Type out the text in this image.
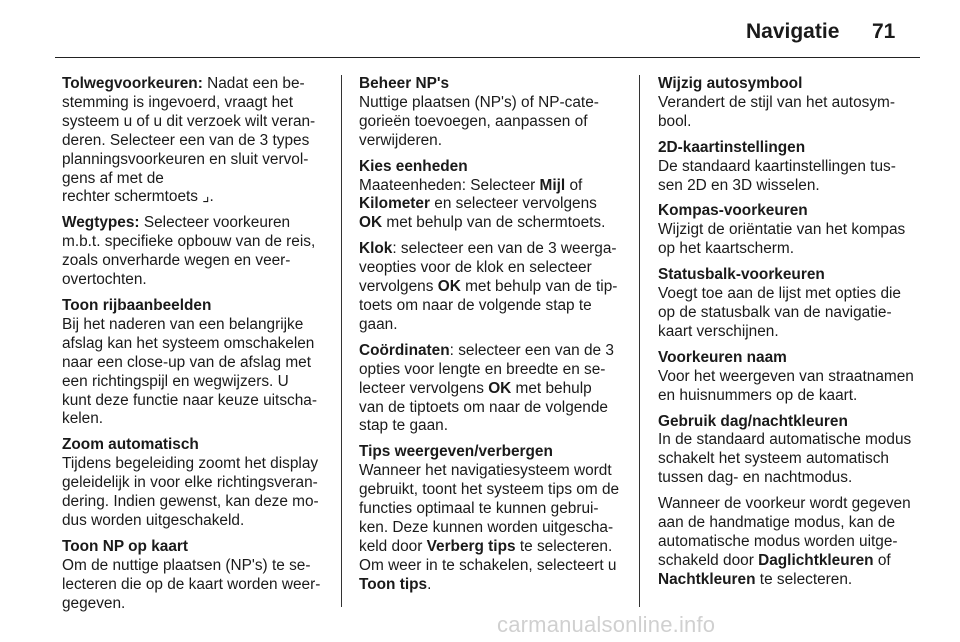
Navigatie 71

Tolwegvoorkeuren: Nadat een be-
stemming is ingevoerd, vraagt het
systeem u of u dit verzoek wilt veran-
deren. Selecteer een van de 3 types
planningsvoorkeuren en sluit vervol-
gens af met de
rechter schermtoets ⌟.

Wegtypes: Selecteer voorkeuren
m.b.t. specifieke opbouw van de reis,
zoals onverharde wegen en veer-
overtochten.

Toon rijbaanbeelden
Bij het naderen van een belangrijke
afslag kan het systeem omschakelen
naar een close-up van de afslag met
een richtingspijl en wegwijzers. U
kunt deze functie naar keuze uitscha-
kelen.

Zoom automatisch
Tijdens begeleiding zoomt het display
geleidelijk in voor elke richtingsveran-
dering. Indien gewenst, kan deze mo-
dus worden uitgeschakeld.

Toon NP op kaart
Om de nuttige plaatsen (NP's) te se-
lecteren die op de kaart worden weer-
gegeven.

Beheer NP's
Nuttige plaatsen (NP's) of NP-cate-
gorieën toevoegen, aanpassen of
verwijderen.

Kies eenheden
Maateenheden: Selecteer Mijl of
Kilometer en selecteer vervolgens
OK met behulp van de schermtoets.

Klok: selecteer een van de 3 weerga-
veopties voor de klok en selecteer
vervolgens OK met behulp van de tip-
toets om naar de volgende stap te
gaan.

Coördinaten: selecteer een van de 3
opties voor lengte en breedte en se-
lecteer vervolgens OK met behulp
van de tiptoets om naar de volgende
stap te gaan.

Tips weergeven/verbergen
Wanneer het navigatiesysteem wordt
gebruikt, toont het systeem tips om de
functies optimaal te kunnen gebrui-
ken. Deze kunnen worden uitgescha-
keld door Verberg tips te selecteren.
Om weer in te schakelen, selecteert u
Toon tips.

Wijzig autosymbool
Verandert de stijl van het autosym-
bool.

2D-kaartinstellingen
De standaard kaartinstellingen tus-
sen 2D en 3D wisselen.

Kompas-voorkeuren
Wijzigt de oriëntatie van het kompas
op het kaartscherm.

Statusbalk-voorkeuren
Voegt toe aan de lijst met opties die
op de statusbalk van de navigatie-
kaart verschijnen.

Voorkeuren naam
Voor het weergeven van straatnamen
en huisnummers op de kaart.

Gebruik dag/nachtkleuren
In de standaard automatische modus
schakelt het systeem automatisch
tussen dag- en nachtmodus.

Wanneer de voorkeur wordt gegeven
aan de handmatige modus, kan de
automatische modus worden uitge-
schakeld door Daglichtkleuren of
Nachtkleuren te selecteren.

carmanualsonline.info
